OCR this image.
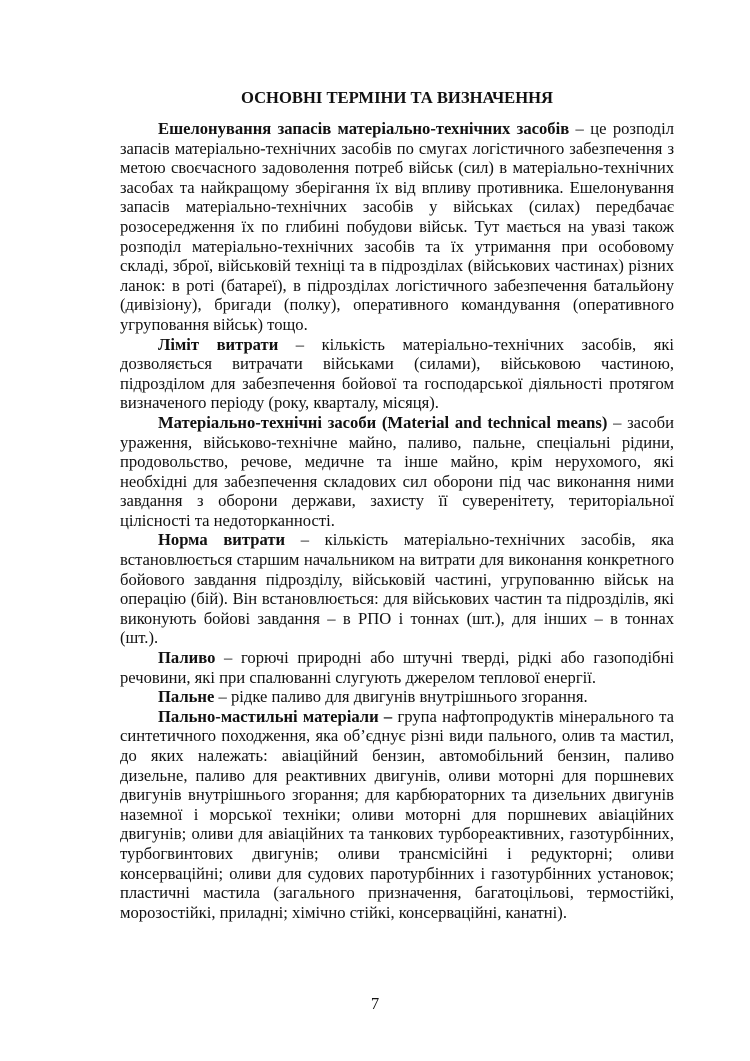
ОСНОВНІ ТЕРМІНИ ТА ВИЗНАЧЕННЯ

Ешелонування запасів матеріально-технічних засобів – це розподіл запасів матеріально-технічних засобів по смугах логістичного забезпечення з метою своєчасного задоволення потреб військ (сил) в матеріально-технічних засобах та найкращому зберігання їх від впливу противника. Ешелонування запасів матеріально-технічних засобів у військах (силах) передбачає розосередження їх по глибині побудови військ. Тут мається на увазі також розподіл матеріально-технічних засобів та їх утримання при особовому складі, зброї, військовій техніці та в підрозділах (військових частинах) різних ланок: в роті (батареї), в підрозділах логістичного забезпечення батальйону (дивізіону), бригади (полку), оперативного командування (оперативного угруповання військ) тощо.

Ліміт витрати – кількість матеріально-технічних засобів, які дозволяється витрачати військами (силами), військовою частиною, підрозділом для забезпечення бойової та господарської діяльності протягом визначеного періоду (року, кварталу, місяця).

Матеріально-технічні засоби (Material and technical means) – засоби ураження, військово-технічне майно, паливо, пальне, спеціальні рідини, продовольство, речове, медичне та інше майно, крім нерухомого, які необхідні для забезпечення складових сил оборони під час виконання ними завдання з оборони держави, захисту її суверенітету, територіальної цілісності та недоторканності.

Норма витрати – кількість матеріально-технічних засобів, яка встановлюється старшим начальником на витрати для виконання конкретного бойового завдання підрозділу, військовій частині, угрупованню військ на операцію (бій). Він встановлюється: для військових частин та підрозділів, які виконують бойові завдання – в РПО і тоннах (шт.), для інших – в тоннах (шт.).

Паливо – горючі природні або штучні тверді, рідкі або газоподібні речовини, які при спалюванні слугують джерелом теплової енергії.

Пальне – рідке паливо для двигунів внутрішнього згорання.

Пально-мастильні матеріали – група нафтопродуктів мінерального та синтетичного походження, яка об’єднує різні види пального, олив та мастил, до яких належать: авіаційний бензин, автомобільний бензин, паливо дизельне, паливо для реактивних двигунів, оливи моторні для поршневих двигунів внутрішнього згорання; для карбюраторних та дизельних двигунів наземної і морської техніки; оливи моторні для поршневих авіаційних двигунів; оливи для авіаційних та танкових турбореактивних, газотурбінних, турбогвинтових двигунів; оливи трансмісійні і редукторні; оливи консерваційні; оливи для судових паротурбінних і газотурбінних установок; пластичні мастила (загального призначення, багатоцільові, термостійкі, морозостійкі, приладні; хімічно стійкі, консерваційні, канатні).

7
